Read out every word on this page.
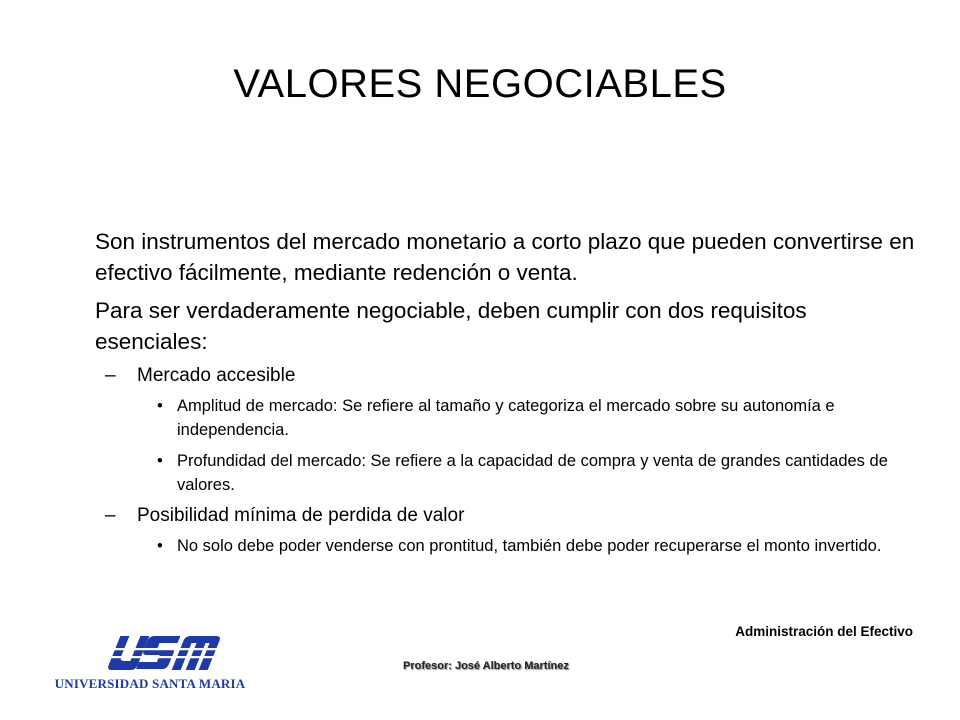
VALORES NEGOCIABLES

Son instrumentos del mercado monetario a corto plazo que pueden convertirse en efectivo fácilmente, mediante redención o venta.

Para ser verdaderamente negociable, deben cumplir con dos requisitos esenciales:

– Mercado accesible
• Amplitud de mercado: Se refiere al tamaño y categoriza el mercado sobre su autonomía e independencia.
• Profundidad del mercado: Se refiere a la capacidad de compra y venta de grandes cantidades de valores.
– Posibilidad mínima de perdida de valor
• No solo debe poder venderse con prontitud, también debe poder recuperarse el monto invertido.
Administración del Efectivo
Profesor: José Alberto Martínez
UNIVERSIDAD SANTA MARIA
